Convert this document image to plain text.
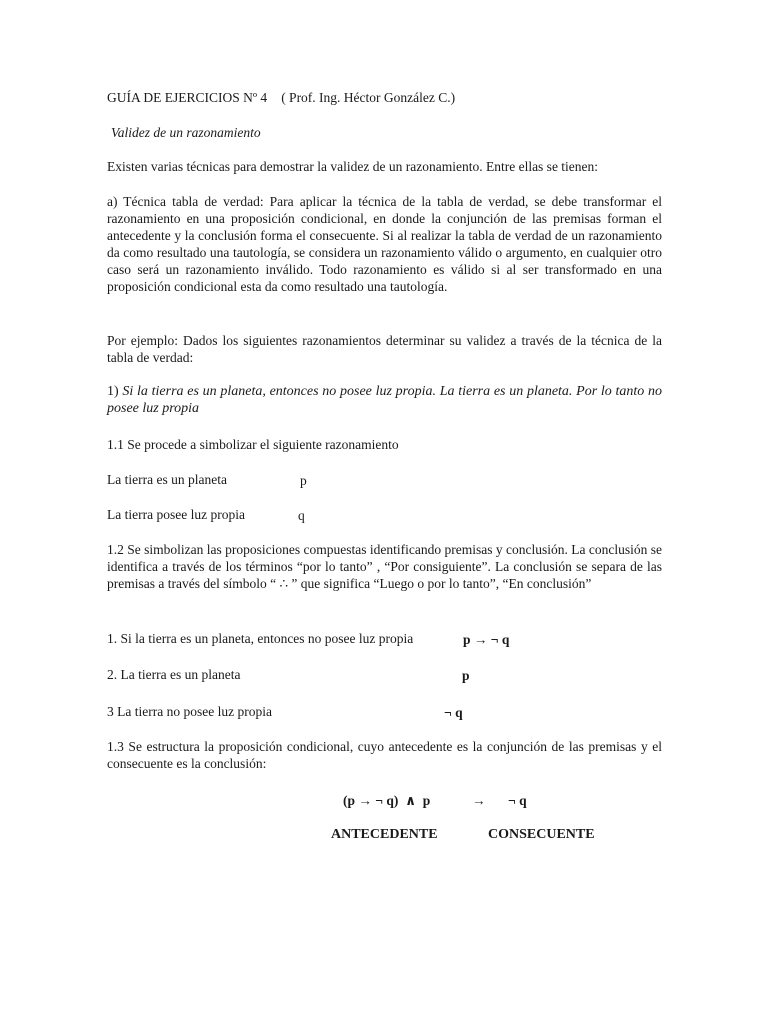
GUÍA DE EJERCICIOS Nº 4 ( Prof. Ing. Héctor González C.)
Validez de un razonamiento
Existen varias técnicas para demostrar la validez de un razonamiento. Entre ellas se tienen:
a) Técnica tabla de verdad: Para aplicar la técnica de la tabla de verdad, se debe transformar el razonamiento en una proposición condicional, en donde la conjunción de las premisas forman el antecedente y la conclusión forma el consecuente. Si al realizar la tabla de verdad de un razonamiento da como resultado una tautología, se considera un razonamiento válido o argumento, en cualquier otro caso será un razonamiento inválido. Todo razonamiento es válido si al ser transformado en una proposición condicional esta da como resultado una tautología.
Por ejemplo: Dados los siguientes razonamientos determinar su validez a través de la técnica de la tabla de verdad:
1) Si la tierra es un planeta, entonces no posee luz propia. La tierra es un planeta. Por lo tanto no posee luz propia
1.1 Se procede a simbolizar el siguiente razonamiento
La tierra es un planeta	p
La tierra posee luz propia	q
1.2 Se simbolizan las proposiciones compuestas identificando premisas y conclusión. La conclusión se identifica a través de los términos “por lo tanto” , “Por consiguiente”. La conclusión se separa de las premisas a través del símbolo “ ∴ ” que significa “Luego o por lo tanto”, “En conclusión”
1. Si la tierra es un planeta, entonces no posee luz propia	p → ¬ q
2. La tierra es un planeta	p
3 La tierra no posee luz propia	¬ q
1.3 Se estructura la proposición condicional, cuyo antecedente es la conjunción de las premisas y el consecuente es la conclusión:
(p → ¬ q)  ∧  p	→ ¬ q
ANTECEDENTE	CONSECUENTE
